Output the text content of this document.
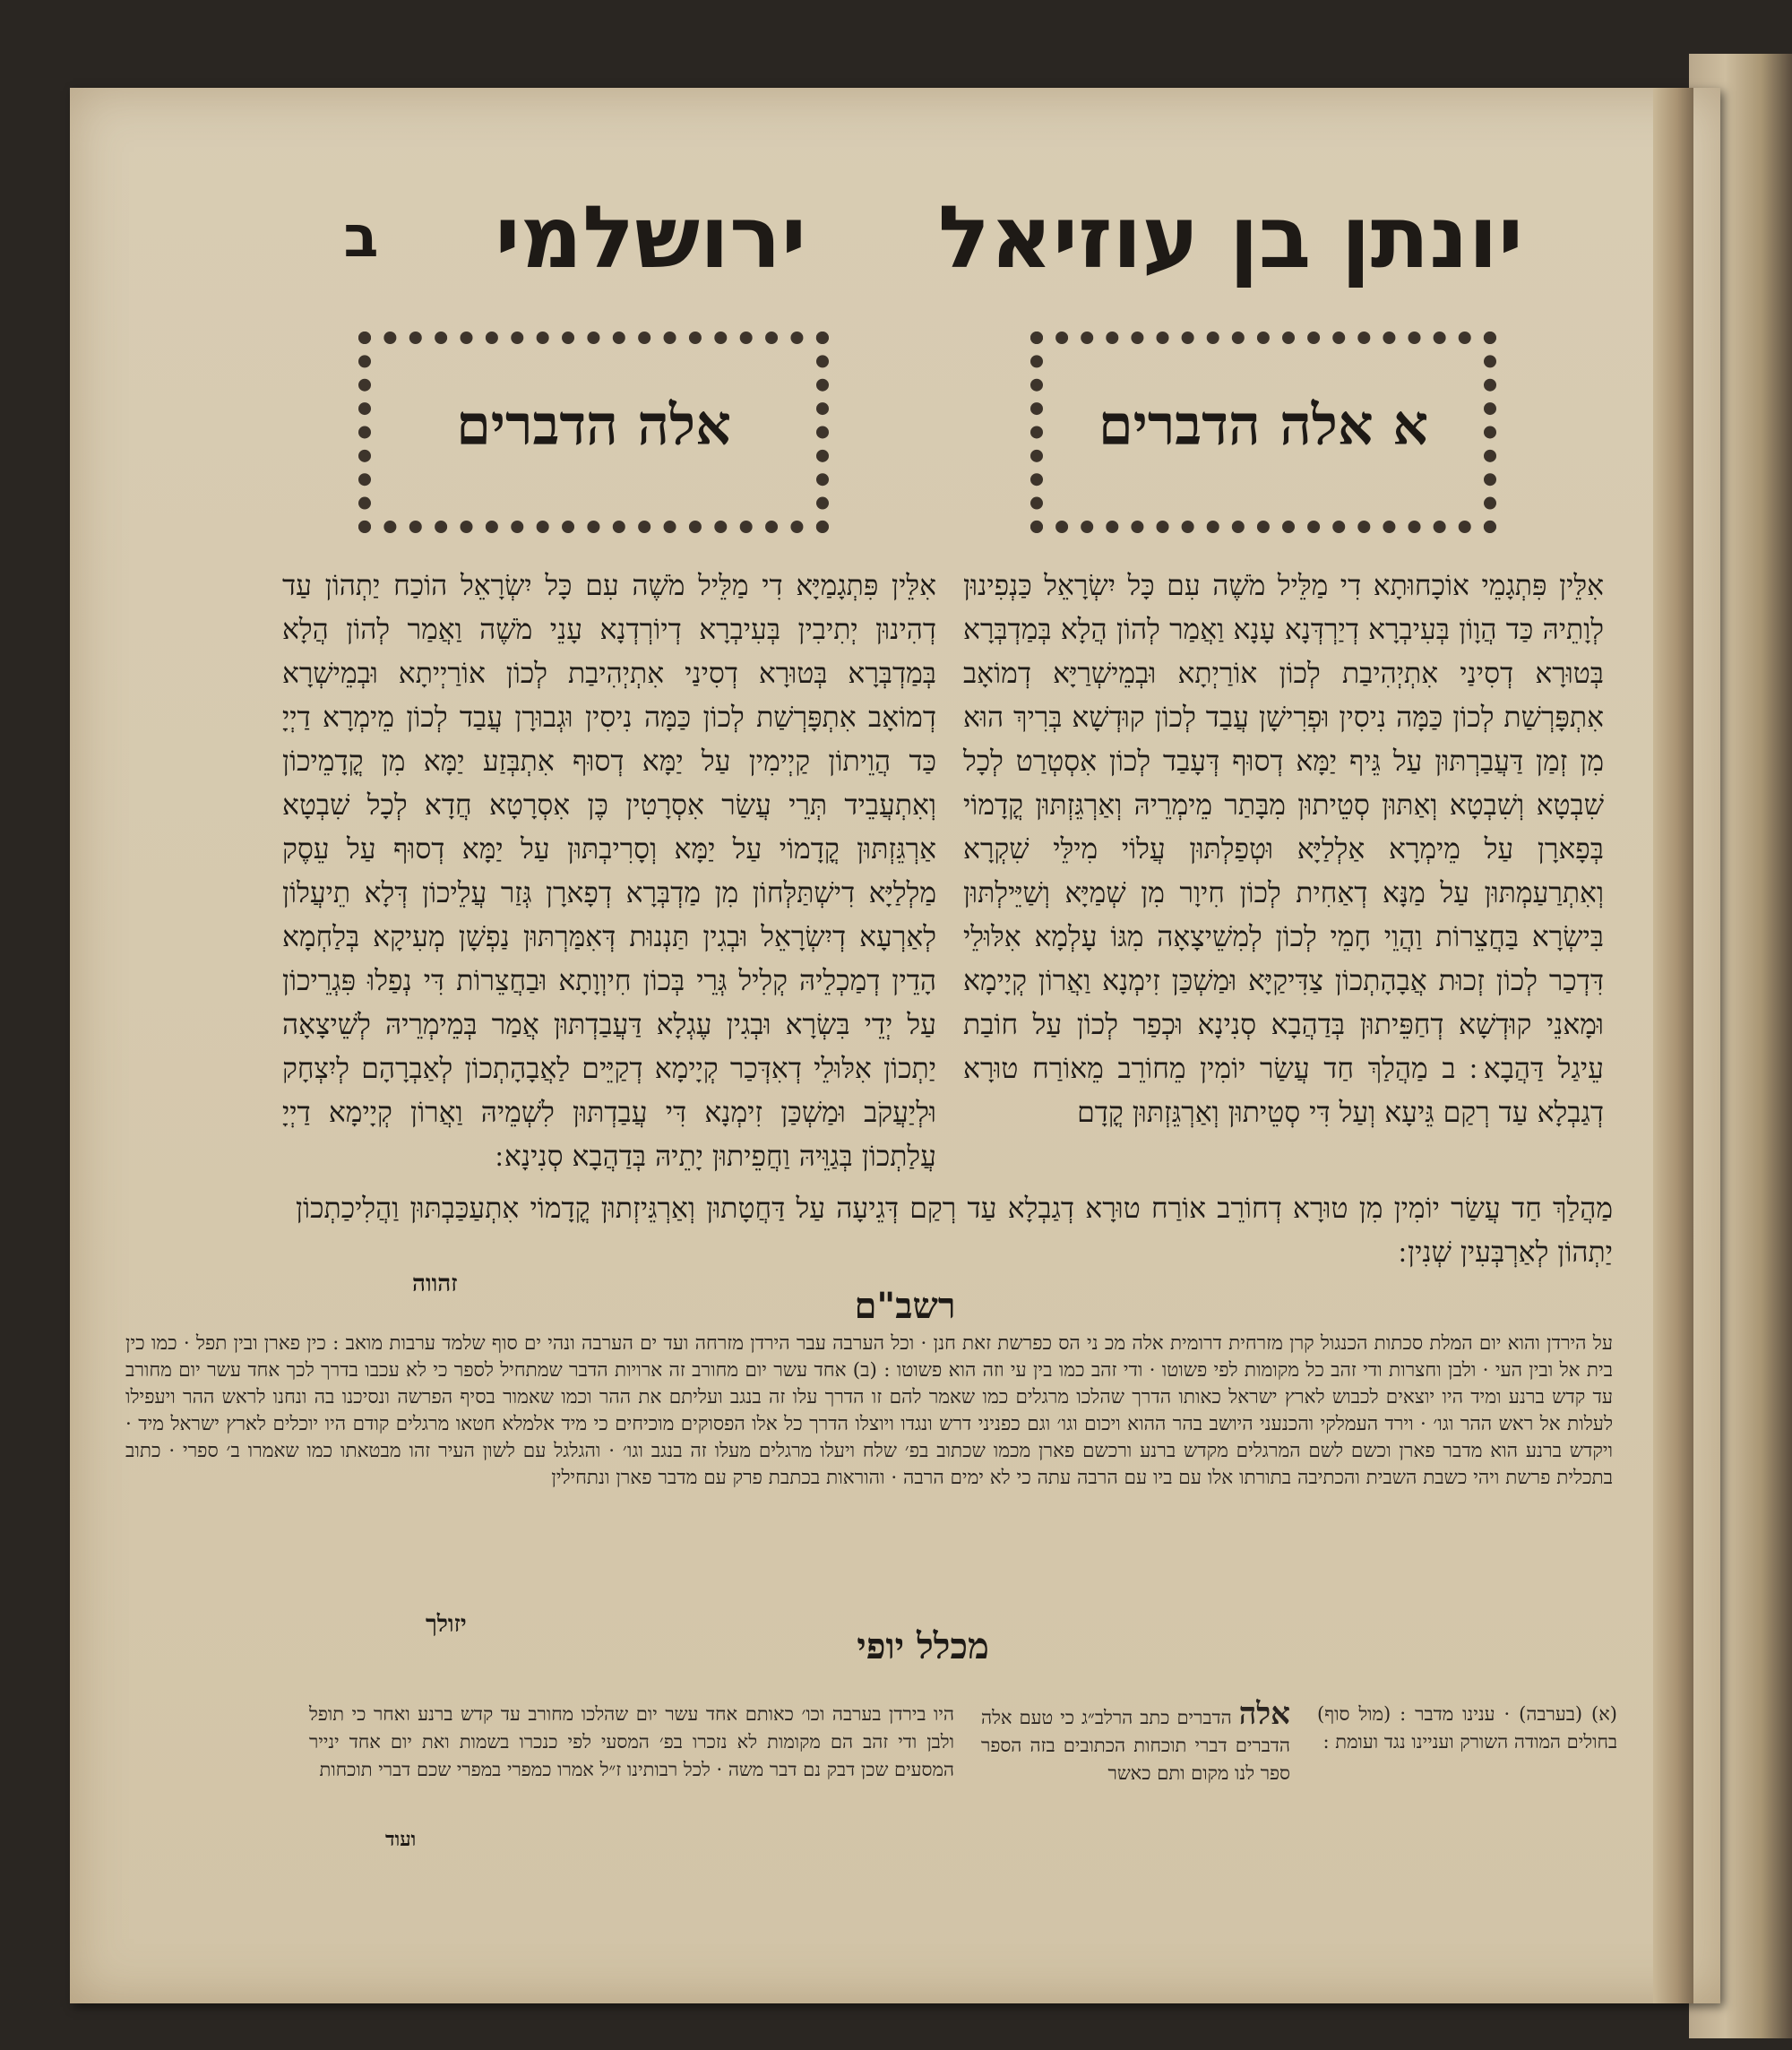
יונתן בן עוזיאל
ירושלמי
ב
א אלה הדברים
אלה הדברים
אִלֵּין פִּתְגָמֵי אוֹכָחוּתָא דִי מַלֵּיל מֹשֶׁה עִם כָּל יִשְׂרָאֵל כַּנְפִינוּן לְוָתֵיהּ כַּד הֲוָוֹן בְּעִיבְרָא דְיַרְדְּנָא עָנָא וַאֲמַר לְהוֹן הֲלָא בְּמַדְבְּרָא בְּטוּרָא דְסִינַי אִתְיְהִיבַת לְכוֹן אוֹרַיְתָא וּבְמֵישְׁרַיָּא דְמוֹאָב אִתְפָּרְשַׁת לְכוֹן כַּמָּה נִיסִין וּפְרִישָׁן עֲבַד לְכוֹן קוּדְשָׁא בְּרִיךְ הוּא מִן זְמַן דַּעֲבַרְתּוּן עַל גֵּיף יַמָּא דְסוּף דְּעָבַד לְכוֹן אִסְטְרַט לְכָל שִׁבְטָא וְשִׁבְטָא וְאַתּוּן סְטֵיתוּן מִבָּתַר מֵימְרֵיהּ וְאַרְגֵּזְתּוּן קֳדָמוֹי בְּפָארָן עַל מֵימְרָא אַלְלַיָּא וּטְפַלְתּוּן עֲלוֹי מִילֵּי שִׁקְרָא וְאִתְרַעַמְתּוּן עַל מַנָּא דְאַחִית לְכוֹן חִיוָר מִן שְׁמַיָּא וְשַׁיֵּילְתּוּן בִּישְׂרָא בַּחֲצֵרוֹת וַהֲוֵי חָמֵי לְכוֹן לְמִשֵׁיצָאָה מִגּוֹ עָלְמָא אִלּוּלֵי דִּדְכַר לְכוֹן זְכוּת אֲבָהָתְכוֹן צַדִּיקַיָּא וּמַשְׁכַּן זִימְנָא וַאֲרוֹן קְיָימָא וּמָאנֵי קוּדְשָׁא דְחַפֵּיתוּן בְּדַהֲבָא סְנִינָא וּכְפַר לְכוֹן עַל חוֹבַת עֵיגַל דַּהֲבָא ׃ ב מַהֲלַךְ חַד עֲשַׂר יוֹמִין מֵחוֹרֵב מֵאוֹרַח טוּרָא דְגַבְלָא עַד רְקַם גֵּיעָא וְעַל דִּי סְטֵיתוּן וְאַרְגֵּזְתּוּן קֳדָם
אִלֵּין פִּתְגָמַיָּא דִי מַלֵּיל מֹשֶׁה עִם כָּל יִשְׂרָאֵל הוֹכַח יַתְהוֹן עַד דְהִינוּן יְתִיבִין בְּעִיבְרָא דְיוֹרְדְנָא עָנֵי מֹשֶׁה וַאֲמַר לְהוֹן הֲלָא בְּמַדְבְּרָא בְּטוּרָא דְסִינַי אִתְיְהִיבַת לְכוֹן אוֹרַיְיתָא וּבְמֵישְׁרָא דְמוֹאָב אִתְפָּרְשַׁת לְכוֹן כַּמָּה נִיסִין וּגְבוּרָן עֲבַד לְכוֹן מֵימְרָא דַיְיָ כַּד הֲוֵיתוֹן קַיְימִין עַל יַמָּא דְסוּף אִתְבְּזַע יַמָּא מִן קֳדָמֵיכוֹן וְאִתְעֲבֵיד תְּרֵי עֲשַׂר אִסְרָטִין כֶּן אִסְרָטָא חֲדָא לְכָל שִׁבְטָא אַרְגֵּזְתּוּן קֳדָמוֹי עַל יַמָּא וְסָרִיבְתּוּן עַל יַמָּא דְסוּף עַל עֵסֶק מַלְלַיָּא דִישְׁתַּלְּחוֹן מִן מַדְבְּרָא דְפָארָן גְּזַר עֲלֵיכוֹן דְּלָא תֵיעֲלוֹן לְאַרְעָא דְיִשְׂרָאֵל וּבְגִין תַּנְנוּת דְּאִמַּרְתּוּן נַפְשָׁן מְעִיקָא בְּלַחְמָא הָדֵין דְמַכְלֵיהּ קְלִיל גְּרֵי בְּכוֹן חִיוְוָתָא וּבַחֲצֵרוֹת דִּי נְפַלוּ פִּגְרֵיכוֹן עַל יְדֵי בִּשְׂרָא וּבְגִין עֶגְלָא דַּעֲבַדְתּוּן אֲמַר בְּמֵימְרֵיהּ לְשֵׁיצָאָה יַתְכוֹן אִלּוּלֵי דְאִדְּכַר קְיָימָא דְקַיֵּים לַאֲבָהָתְכוֹן לְאַבְרָהָם לְיִצְחָק וּלְיַעֲקֹב וּמַשְׁכַּן זִימְנָא דִּי עֲבַדְתּוּן לִשְׁמֵיהּ וַאֲרוֹן קְיָימָא דַיְיָ עֲלַתְכוֹן בְּגַוֵּיהּ וַחֲפֵיתוּן יָתֵיהּ בְּדַהֲבָא סְנִינָא ׃
מַהֲלַךְ חַד עֲשַׂר יוֹמִין מִן טוּרָא דְחוֹרֵב אוֹרַח טוּרָא דְגַבְלָא עַד רְקַם דְּגֵיעָה עַל דַּחֲטָתוּן וְאַרְגֵּיזְתוּן קֳדָמוֹי אִתְעַכַּבְתּוּן וַהֲלִיכַתְכוֹן יַתְהוֹן לְאַרְבְּעִין שְׁנִין ׃
זהווה
רשב"ם
על הירדן והוא יום המלת סכתות הכנגול קרן מזרחית דרומית אלה מכ ני הס כפרשת זאת חנן · וכל הערבה עבר הירדן מזרחה ועד ים הערבה ונהי ים סוף שלמד ערבות מואב : כין פארן ובין תפל · כמו כין בית אל ובין העי · ולבן וחצרות ודי זהב כל מקומות לפי פשוטו · ודי זהב כמו בין עי וזה הוא פשוטו : (ב) אחד עשר יום מחורב זה ארויות הדבר שמתחיל לספר כי לא עכבו בדרך לכך אחד עשר יום מחורב עד קדש ברנע ומיד היו יוצאים לכבוש לארץ ישראל כאותו הדרך שהלכו מרגלים כמו שאמר להם זו הדרך עלו זה בנגב ועליתם את ההר וכמו שאמור בסיף הפרשה ונסיכנו בה ונחנו לראש ההר ויעפילו לעלות אל ראש ההר וגו׳ · וירד העמלקי והכנעני היושב בהר ההוא ויכום וגו׳ וגם כפניני דרש ונגדו ויוצלו הדרך כל אלו הפסוקים מוכיחים כי מיד אלמלא חטאו מרגלים קודם היו יוכלים לארץ ישראל מיד · ויקדש ברנע הוא מדבר פארן וכשם לשם המרגלים מקדש ברנע ורכשם פארן מכמו שכתוב בפ׳ שלח ויעלו מרגלים מעלו זה בנגב וגו׳ · והגלגל עם לשון העיר זהו מבטאתו כמו שאמרו ב׳ ספרי · כתוב בתכלית פרשת ויהי כשבת השבית והכתיבה בתורתו אלו עם ביו עם הרבה עתה כי לא ימים הרבה · והוראות בכתבת פרק עם מדבר פארן ונתחילין
יזולך
מכלל יופי
(א) (בערבה) · ענינו מדבר : (מול סוף) בחולים המודה השורק ועניינו נגד ועומת :
אלה הדברים כתב הרלב״ג כי טעם אלה הדברים דברי תוכחות הכתובים בזה הספר ספר לנו מקום ותם כאשר
היו בירדן בערבה וכו׳ כאותם אחד עשר יום שהלכו מחורב עד קדש ברנע ואחר כי תופל ולבן ודי זהב הם מקומות לא נזכרו בפ׳ המסעי לפי כנכרו בשמות ואת יום אחד ינייר המסעים שכן דבק נם דבר משה · לכל רבותינו ז״ל אמרו כמפרי במפרי שכם דברי תוכחות
ועוד
